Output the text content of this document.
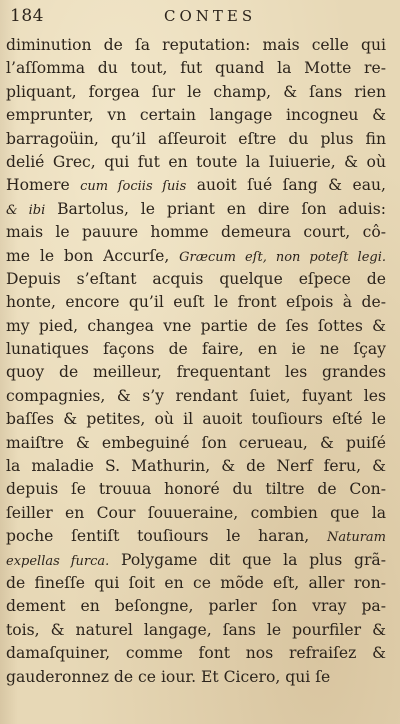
184	CONTES
diminution de ſa reputation: mais celle qui
l’aſſomma du tout, fut quand la Motte re-
pliquant, forgea ſur le champ, & ſans rien
emprunter, vn certain langage incogneu &
barragoüin, qu’il aſſeuroit eſtre du plus fin
delié Grec, qui fut en toute la Iuiuerie, & où
Homere cum ſociis ſuis auoit ſué ſang & eau,
& ibi Bartolus, le priant en dire ſon aduis:
mais le pauure homme demeura court, cô-
me le bon Accurſe, Græcum eſt, non poteſt legi.
Depuis s’eſtant acquis quelque eſpece de
honte, encore qu’il euſt le front eſpois à de-
my pied, changea vne partie de ſes ſottes &
lunatiques façons de faire, en ie ne ſçay
quoy de meilleur, frequentant les grandes
compagnies, & s’y rendant ſuiet, fuyant les
baſſes & petites, où il auoit touſiours eſté le
maiſtre & embeguiné ſon cerueau, & puiſé
la maladie S. Mathurin, & de Nerf feru, &
depuis ſe trouua honoré du tiltre de Con-
ſeiller en Cour ſouueraine, combien que la
poche ſentiſt touſiours le haran, Naturam
expellas furca. Polygame dit que la plus grã-
de fineſſe qui ſoit en ce mõde eſt, aller ron-
dement en beſongne, parler ſon vray pa-
tois, & naturel langage, ſans le pourfiler &
damaſquiner, comme font nos refraiſez &
gauderonnez de ce iour. Et Cicero, qui ſe
